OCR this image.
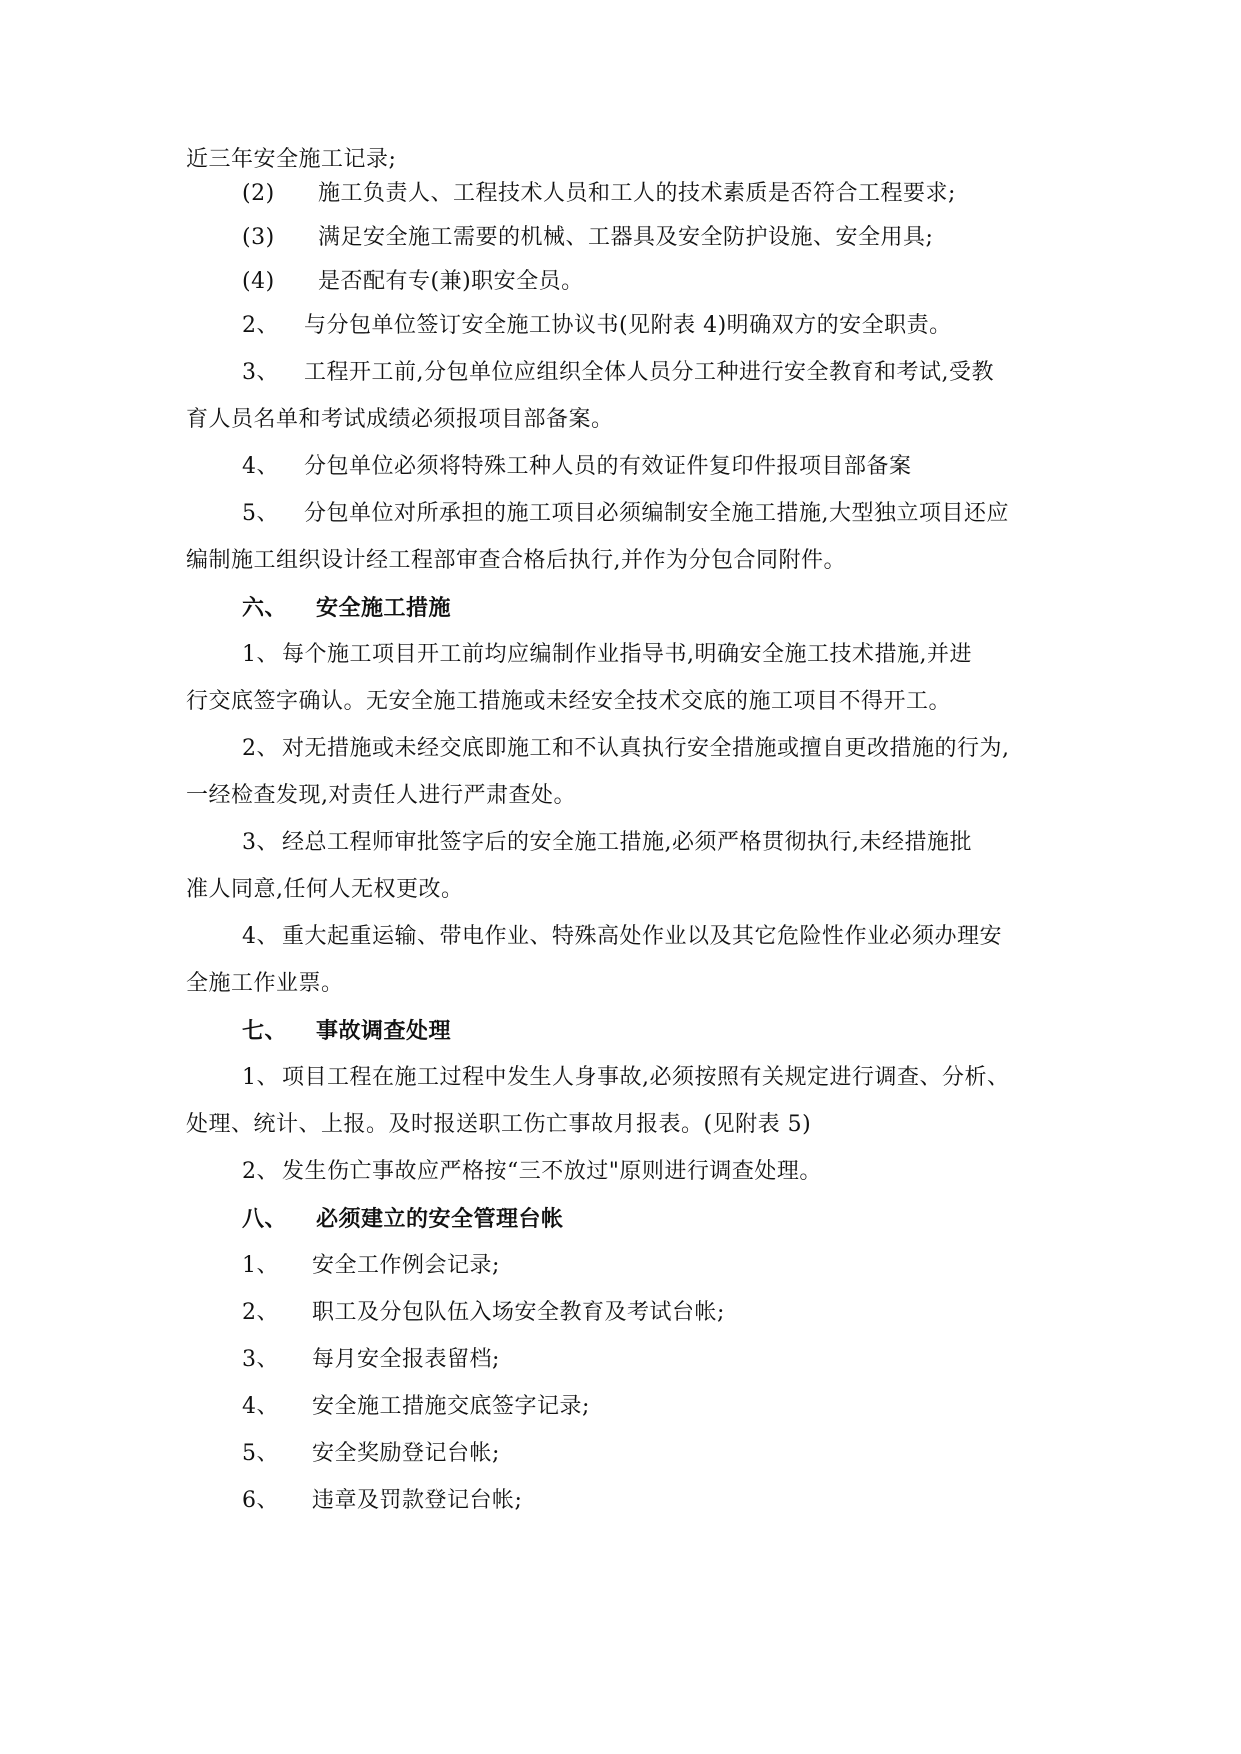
近三年安全施工记录;
(2) 施工负责人、工程技术人员和工人的技术素质是否符合工程要求;
(3) 满足安全施工需要的机械、工器具及安全防护设施、安全用具;
(4) 是否配有专(兼)职安全员。
2、 与分包单位签订安全施工协议书(见附表 4)明确双方的安全职责。
3、 工程开工前,分包单位应组织全体人员分工种进行安全教育和考试,受教
育人员名单和考试成绩必须报项目部备案。
4、 分包单位必须将特殊工种人员的有效证件复印件报项目部备案
5、 分包单位对所承担的施工项目必须编制安全施工措施,大型独立项目还应
编制施工组织设计经工程部审查合格后执行,并作为分包合同附件。
六、 安全施工措施
1、 每个施工项目开工前均应编制作业指导书,明确安全施工技术措施,并进
行交底签字确认。无安全施工措施或未经安全技术交底的施工项目不得开工。
2、 对无措施或未经交底即施工和不认真执行安全措施或擅自更改措施的行为,
一经检查发现,对责任人进行严肃查处。
3、 经总工程师审批签字后的安全施工措施,必须严格贯彻执行,未经措施批
准人同意,任何人无权更改。
4、 重大起重运输、带电作业、特殊高处作业以及其它危险性作业必须办理安
全施工作业票。
七、 事故调查处理
1、 项目工程在施工过程中发生人身事故,必须按照有关规定进行调查、分析、
处理、统计、上报。及时报送职工伤亡事故月报表。(见附表 5)
2、 发生伤亡事故应严格按“三不放过"原则进行调查处理。
八、 必须建立的安全管理台帐
1、 安全工作例会记录;
2、 职工及分包队伍入场安全教育及考试台帐;
3、 每月安全报表留档;
4、 安全施工措施交底签字记录;
5、 安全奖励登记台帐;
6、 违章及罚款登记台帐;
